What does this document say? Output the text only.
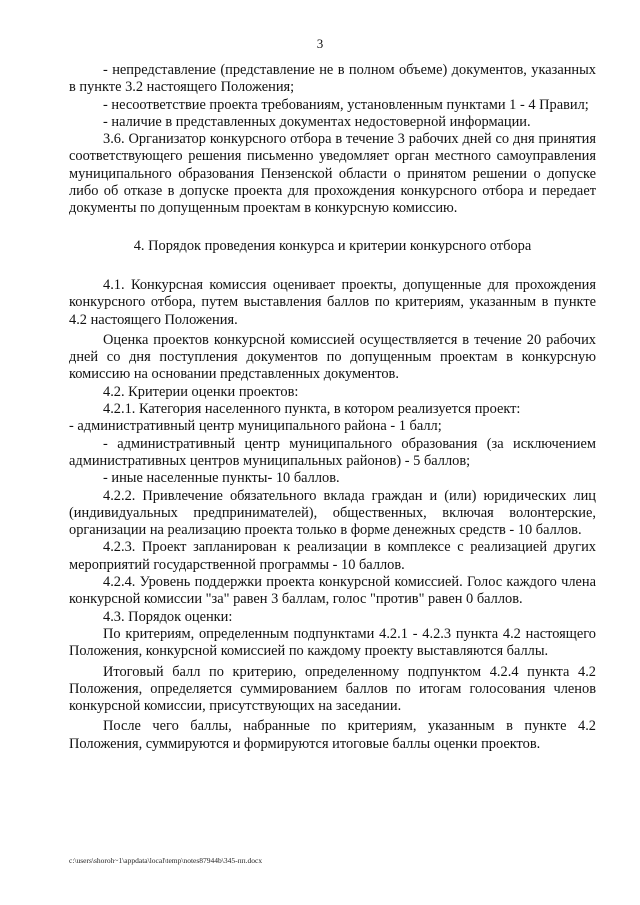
3

- непредставление (представление не в полном объеме) документов, указанных в пункте 3.2 настоящего Положения;

- несоответствие проекта требованиям, установленным пунктами 1 - 4 Правил;

- наличие в представленных документах недостоверной информации.

3.6. Организатор конкурсного отбора в течение 3 рабочих дней со дня принятия соответствующего решения письменно уведомляет орган местного самоуправления муниципального образования Пензенской области о принятом решении о допуске либо об отказе в допуске проекта для прохождения конкурсного отбора и передает документы по допущенным проектам в конкурсную комиссию.

4. Порядок проведения конкурса и критерии конкурсного отбора

4.1. Конкурсная комиссия оценивает проекты, допущенные для прохождения конкурсного отбора, путем выставления баллов по критериям, указанным в пункте 4.2 настоящего Положения.

Оценка проектов конкурсной комиссией осуществляется в течение 20 рабочих дней со дня поступления документов по допущенным проектам в конкурсную комиссию на основании представленных документов.

4.2. Критерии оценки проектов:

4.2.1. Категория населенного пункта, в котором реализуется проект:

- административный центр муниципального района - 1 балл;

- административный центр муниципального образования (за исключением административных центров муниципальных районов) - 5 баллов;

- иные населенные пункты- 10 баллов.

4.2.2. Привлечение обязательного вклада граждан и (или) юридических лиц (индивидуальных предпринимателей), общественных, включая волонтерские, организации на реализацию проекта только в форме денежных средств - 10 баллов.

4.2.3. Проект запланирован к реализации в комплексе с реализацией других мероприятий государственной программы - 10 баллов.

4.2.4. Уровень поддержки проекта конкурсной комиссией. Голос каждого члена конкурсной комиссии "за" равен 3 баллам, голос "против" равен 0 баллов.

4.3. Порядок оценки:

По критериям, определенным подпунктами 4.2.1 - 4.2.3 пункта 4.2 настоящего Положения, конкурсной комиссией по каждому проекту выставляются баллы.

Итоговый балл по критерию, определенному подпунктом 4.2.4 пункта 4.2 Положения, определяется суммированием баллов по итогам голосования членов конкурсной комиссии, присутствующих на заседании.

После чего баллы, набранные по критериям, указанным в пункте 4.2 Положения, суммируются и формируются итоговые баллы оценки проектов.

c:\users\shoroh~1\appdata\local\temp\notes87944b\345-пп.docx
